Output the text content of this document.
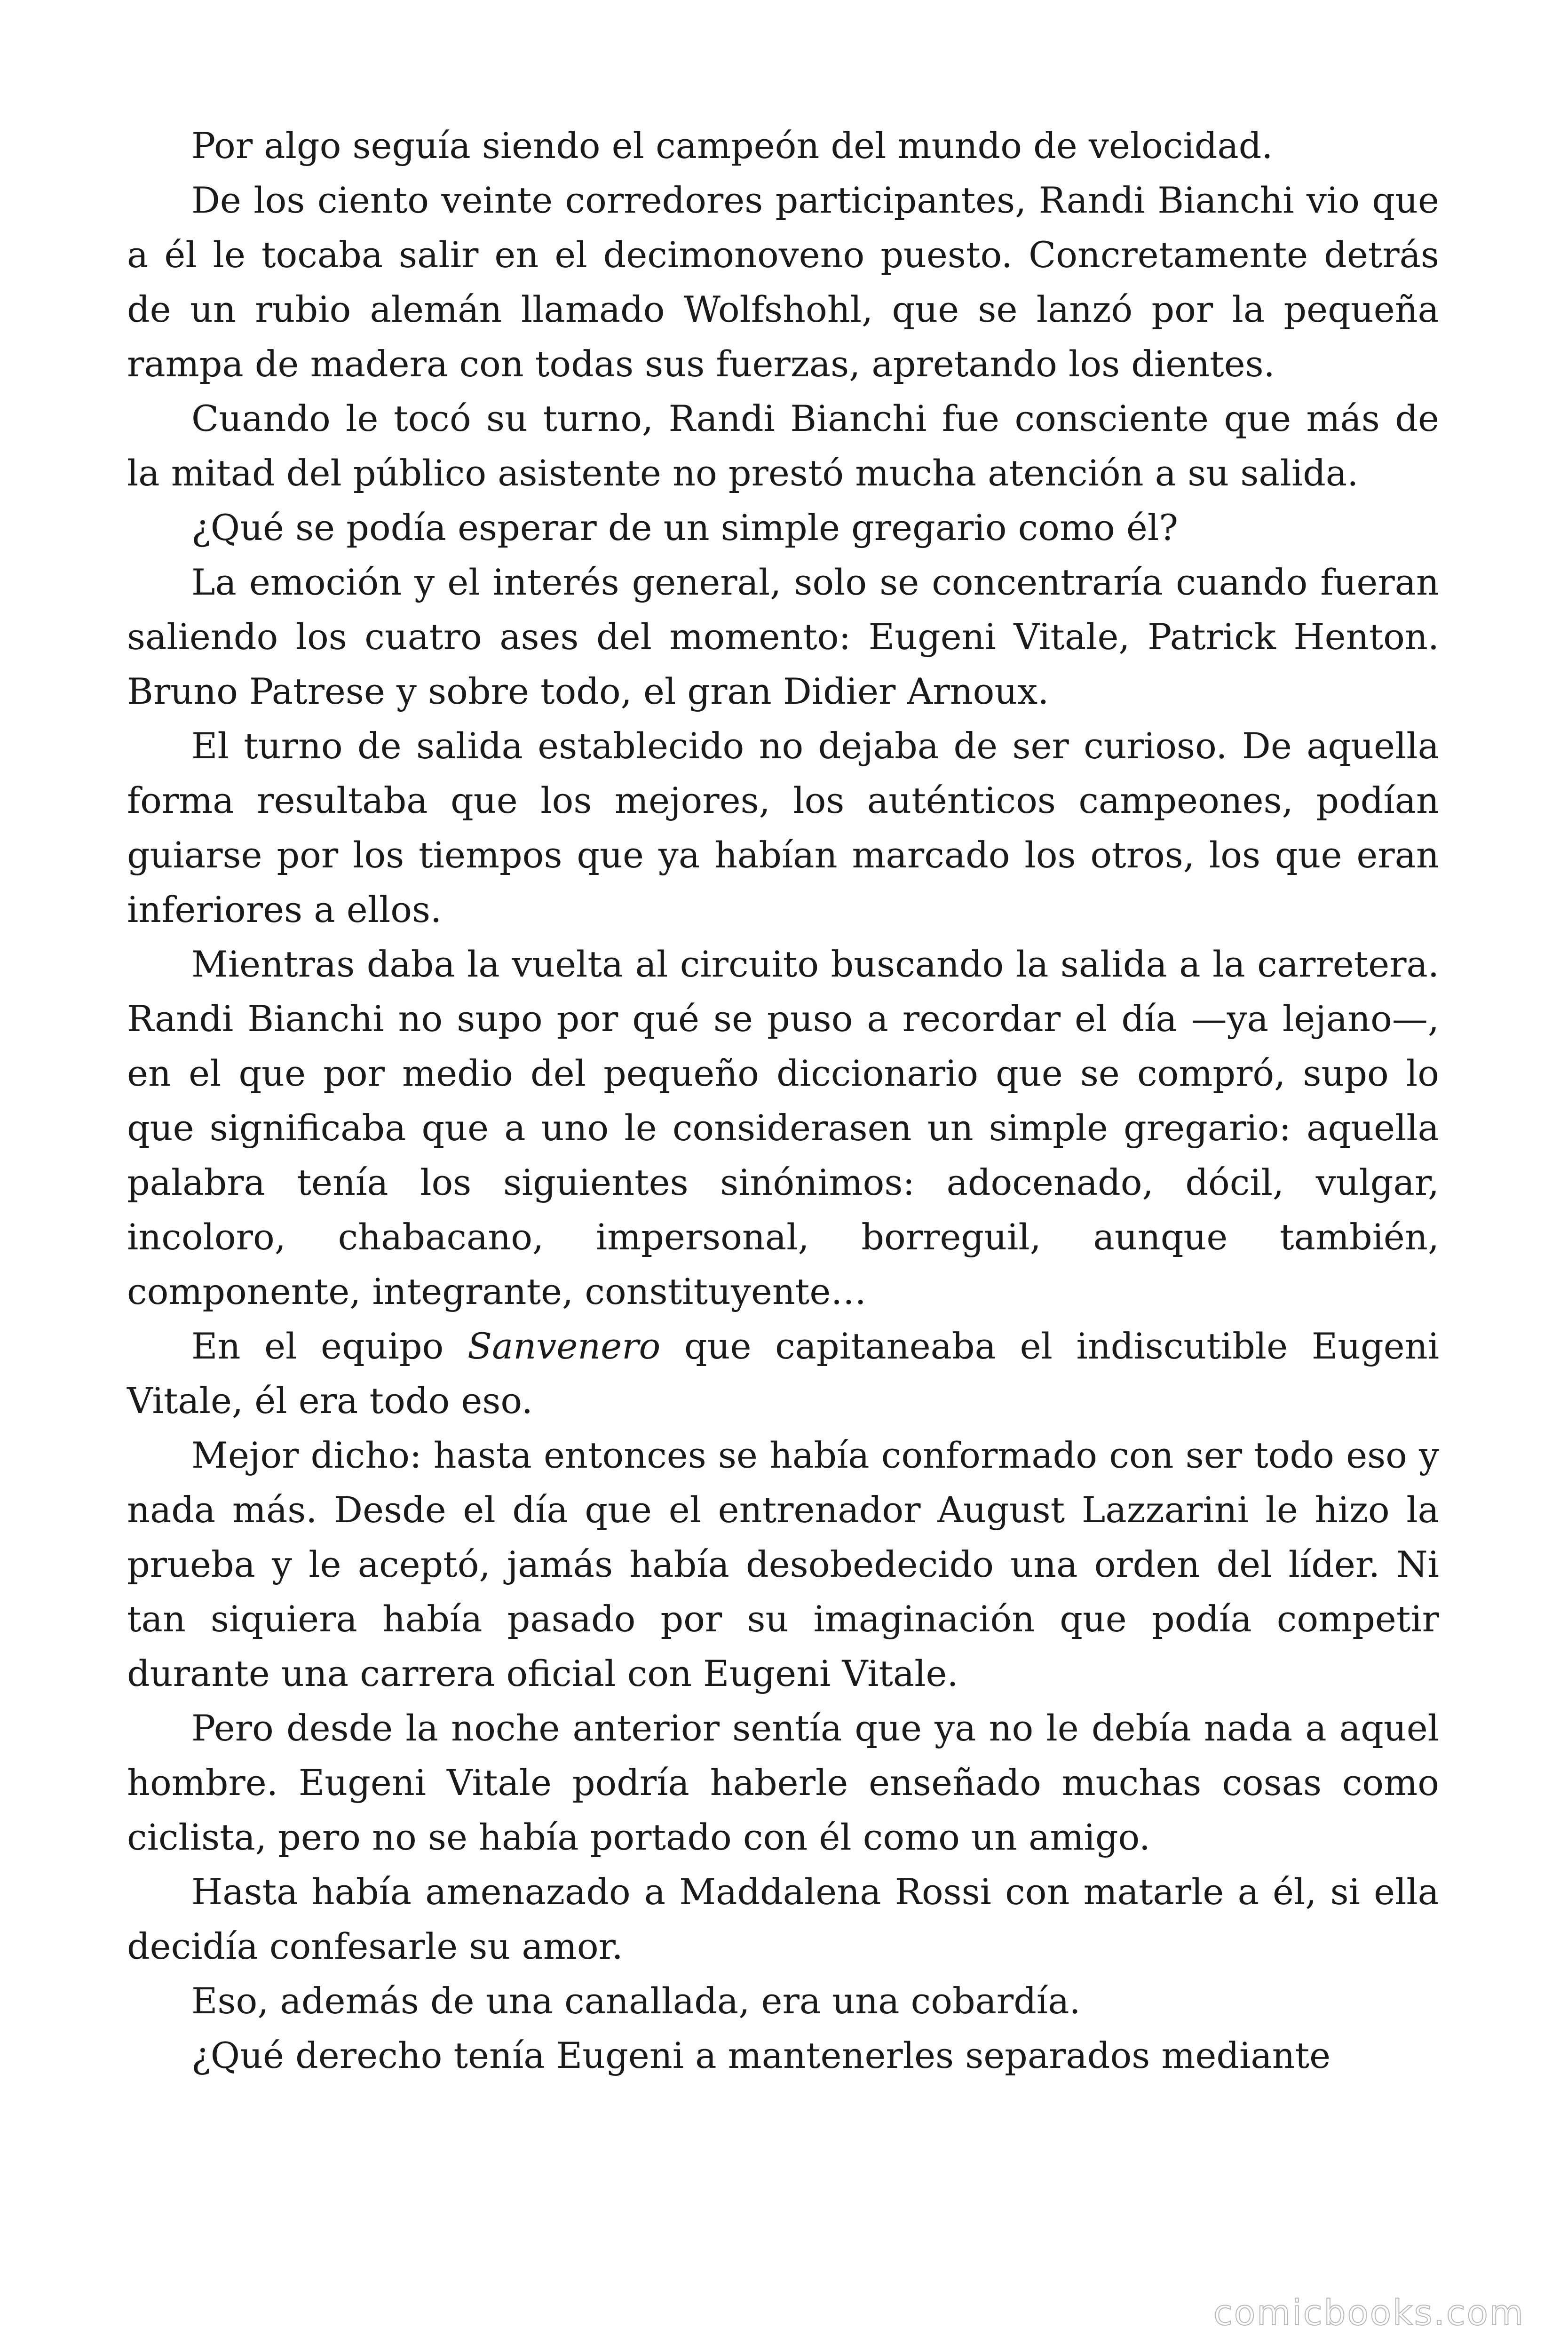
Por algo seguía siendo el campeón del mundo de velocidad.

De los ciento veinte corredores participantes, Randi Bianchi vio que a él le tocaba salir en el decimonoveno puesto. Concretamente detrás de un rubio alemán llamado Wolfshohl, que se lanzó por la pequeña rampa de madera con todas sus fuerzas, apretando los dientes.

Cuando le tocó su turno, Randi Bianchi fue consciente que más de la mitad del público asistente no prestó mucha atención a su salida.

¿Qué se podía esperar de un simple gregario como él?

La emoción y el interés general, solo se concentraría cuando fueran saliendo los cuatro ases del momento: Eugeni Vitale, Patrick Henton. Bruno Patrese y sobre todo, el gran Didier Arnoux.

El turno de salida establecido no dejaba de ser curioso. De aquella forma resultaba que los mejores, los auténticos campeones, podían guiarse por los tiempos que ya habían marcado los otros, los que eran inferiores a ellos.

Mientras daba la vuelta al circuito buscando la salida a la carretera. Randi Bianchi no supo por qué se puso a recordar el día —ya lejano—, en el que por medio del pequeño diccionario que se compró, supo lo que significaba que a uno le considerasen un simple gregario: aquella palabra tenía los siguientes sinónimos: adocenado, dócil, vulgar, incoloro, chabacano, impersonal, borreguil, aunque también, componente, integrante, constituyente…

En el equipo Sanvenero que capitaneaba el indiscutible Eugeni Vitale, él era todo eso.

Mejor dicho: hasta entonces se había conformado con ser todo eso y nada más. Desde el día que el entrenador August Lazzarini le hizo la prueba y le aceptó, jamás había desobedecido una orden del líder. Ni tan siquiera había pasado por su imaginación que podía competir durante una carrera oficial con Eugeni Vitale.

Pero desde la noche anterior sentía que ya no le debía nada a aquel hombre. Eugeni Vitale podría haberle enseñado muchas cosas como ciclista, pero no se había portado con él como un amigo.

Hasta había amenazado a Maddalena Rossi con matarle a él, si ella decidía confesarle su amor.

Eso, además de una canallada, era una cobardía.

¿Qué derecho tenía Eugeni a mantenerles separados mediante

comicbooks.com
